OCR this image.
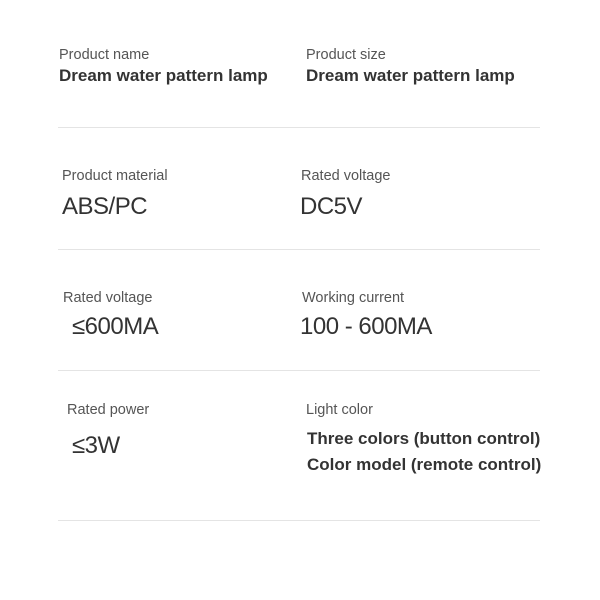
Product name
Dream water pattern lamp
Product size
Dream water pattern lamp
Product material
ABS/PC
Rated voltage
DC5V
Rated voltage
≤600MA
Working current
100 - 600MA
Rated power
≤3W
Light color
Three colors (button control)
Color model (remote control)
